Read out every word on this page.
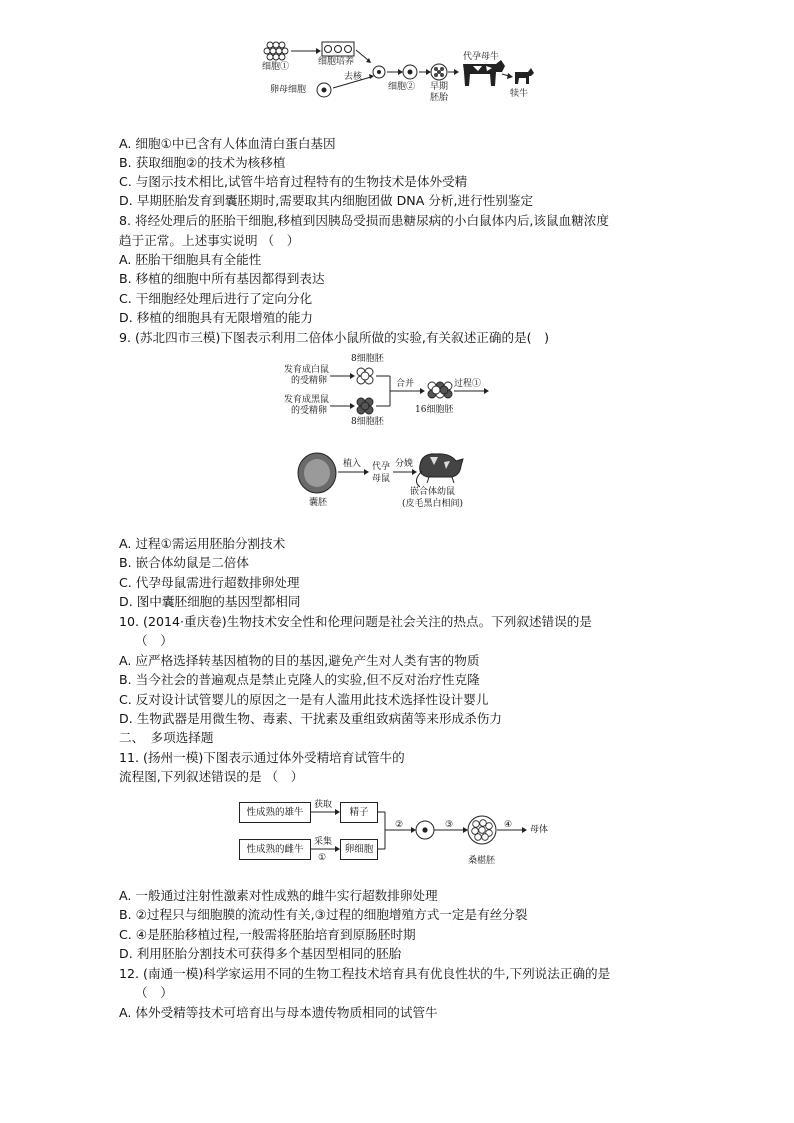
细胞①	细胞培养
去核
卵母细胞	细胞② 早期
胚胎
代孕母牛
犊牛
A. 细胞①中已含有人体血清白蛋白基因
B. 获取细胞②的技术为核移植
C. 与图示技术相比,试管牛培育过程特有的生物技术是体外受精
D. 早期胚胎发育到囊胚期时,需要取其内细胞团做 DNA 分析,进行性别鉴定
8. 将经处理后的胚胎干细胞,移植到因胰岛受损而患糖尿病的小白鼠体内后,该鼠血糖浓度
趋于正常。上述事实说明 （　）
A. 胚胎干细胞具有全能性
B. 移植的细胞中所有基因都得到表达
C. 干细胞经处理后进行了定向分化
D. 移植的细胞具有无限增殖的能力
9. (苏北四市三模)下图表示利用二倍体小鼠所做的实验,有关叙述正确的是(　)
发育成白鼠
的受精卵
发育成黑鼠
的受精卵
8细胞胚
8细胞胚
合并
16细胞胚
过程①
植入 代孕
母鼠
分娩
囊胚
嵌合体幼鼠
(皮毛黑白相间)
A. 过程①需运用胚胎分割技术
B. 嵌合体幼鼠是二倍体
C. 代孕母鼠需进行超数排卵处理
D. 图中囊胚细胞的基因型都相同
10. (2014·重庆卷)生物技术安全性和伦理问题是社会关注的热点。下列叙述错误的是
（　）
A. 应严格选择转基因植物的目的基因,避免产生对人类有害的物质
B. 当今社会的普遍观点是禁止克隆人的实验,但不反对治疗性克隆
C. 反对设计试管婴儿的原因之一是有人滥用此技术选择性设计婴儿
D. 生物武器是用微生物、毒素、干扰素及重组致病菌等来形成杀伤力
二、　多项选择题
11. (扬州一模)下图表示通过体外受精培育试管牛的
流程图,下列叙述错误的是 （　）
性成熟的雄牛
性成熟的雌牛
精子
卵细胞
获取
采集
①
②	③	④
桑椹胚
母体
A. 一般通过注射性激素对性成熟的雌牛实行超数排卵处理
B. ②过程只与细胞膜的流动性有关,③过程的细胞增殖方式一定是有丝分裂
C. ④是胚胎移植过程,一般需将胚胎培育到原肠胚时期
D. 利用胚胎分割技术可获得多个基因型相同的胚胎
12. (南通一模)科学家运用不同的生物工程技术培育具有优良性状的牛,下列说法正确的是
（　）
A. 体外受精等技术可培育出与母本遗传物质相同的试管牛
